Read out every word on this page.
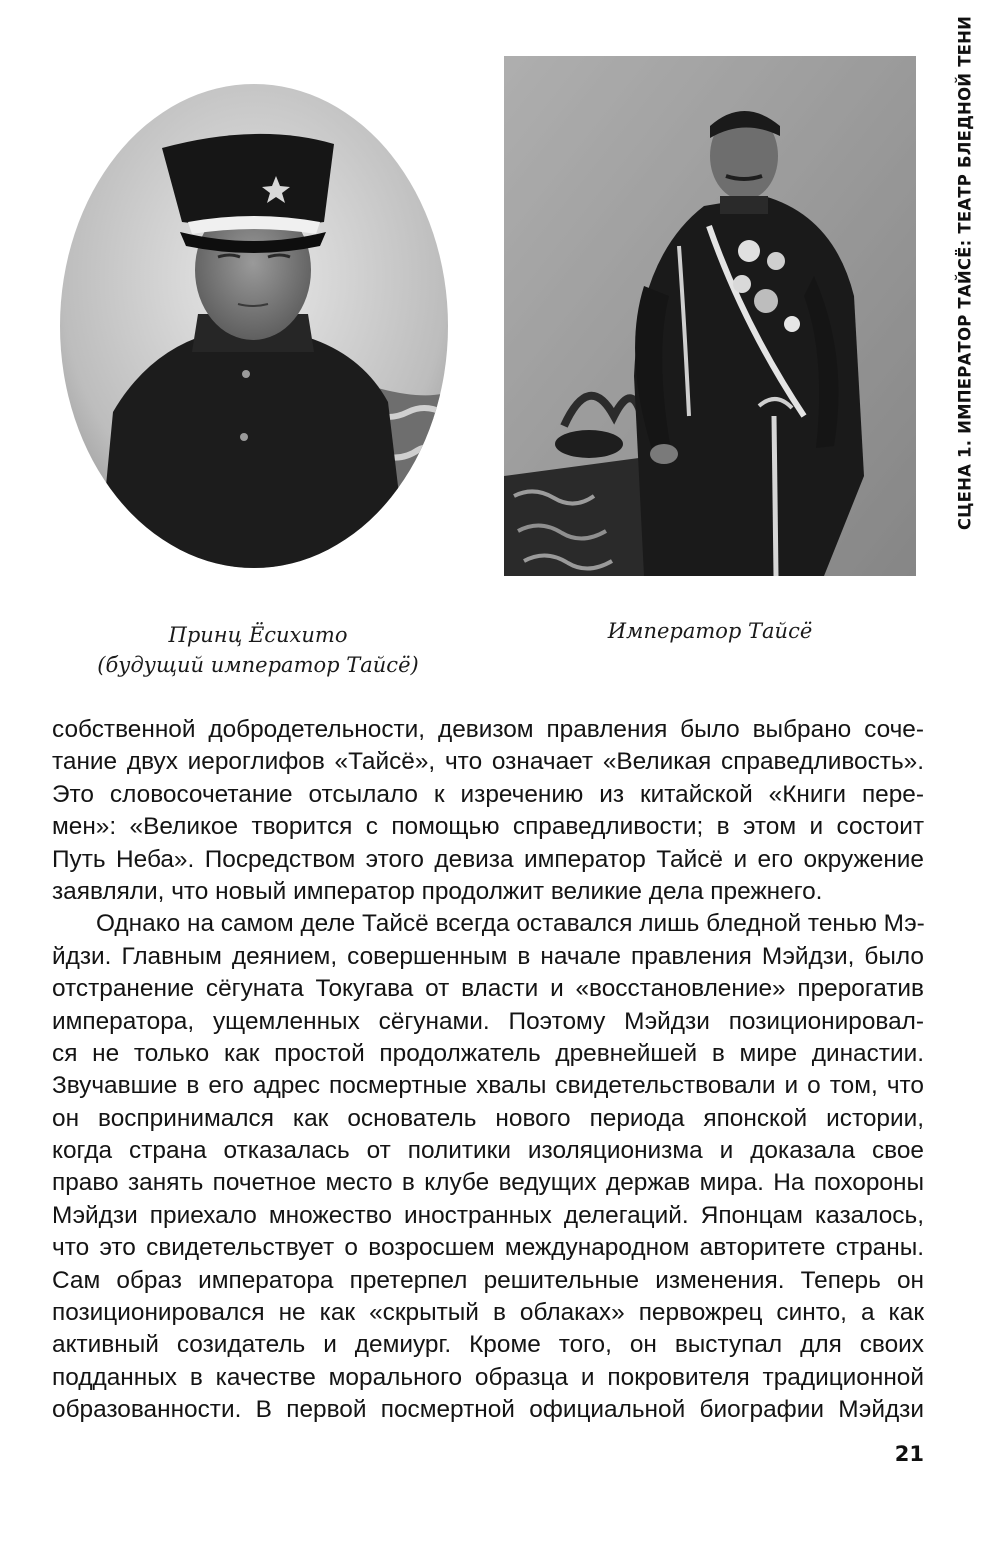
СЦЕНА 1. ИМПЕРАТОР ТАЙСЁ: ТЕАТР БЛЕДНОЙ ТЕНИ
Принц Ёсихито
(будущий император Тайсё)
Император Тайсё
собственной добродетельности, девизом правления было выбрано соче-
тание двух иероглифов «Тайсё», что означает «Великая справедливость».
Это словосочетание отсылало к изречению из китайской «Книги пере-
мен»: «Великое творится с помощью справедливости; в этом и состоит
Путь Неба». Посредством этого девиза император Тайсё и его окружение
заявляли, что новый император продолжит великие дела прежнего.
Однако на самом деле Тайсё всегда оставался лишь бледной тенью Мэ-
йдзи. Главным деянием, совершенным в начале правления Мэйдзи, было
отстранение сёгуната Токугава от власти и «восстановление» прерогатив
императора, ущемленных сёгунами. Поэтому Мэйдзи позиционировал-
ся не только как простой продолжатель древнейшей в мире династии.
Звучавшие в его адрес посмертные хвалы свидетельствовали и о том, что
он воспринимался как основатель нового периода японской истории,
когда страна отказалась от политики изоляционизма и доказала свое
право занять почетное место в клубе ведущих держав мира. На похороны
Мэйдзи приехало множество иностранных делегаций. Японцам казалось,
что это свидетельствует о возросшем международном авторитете страны.
Сам образ императора претерпел решительные изменения. Теперь он
позиционировался не как «скрытый в облаках» первожрец синто, а как
активный созидатель и демиург. Кроме того, он выступал для своих
подданных в качестве морального образца и покровителя традиционной
образованности. В первой посмертной официальной биографии Мэйдзи
21
